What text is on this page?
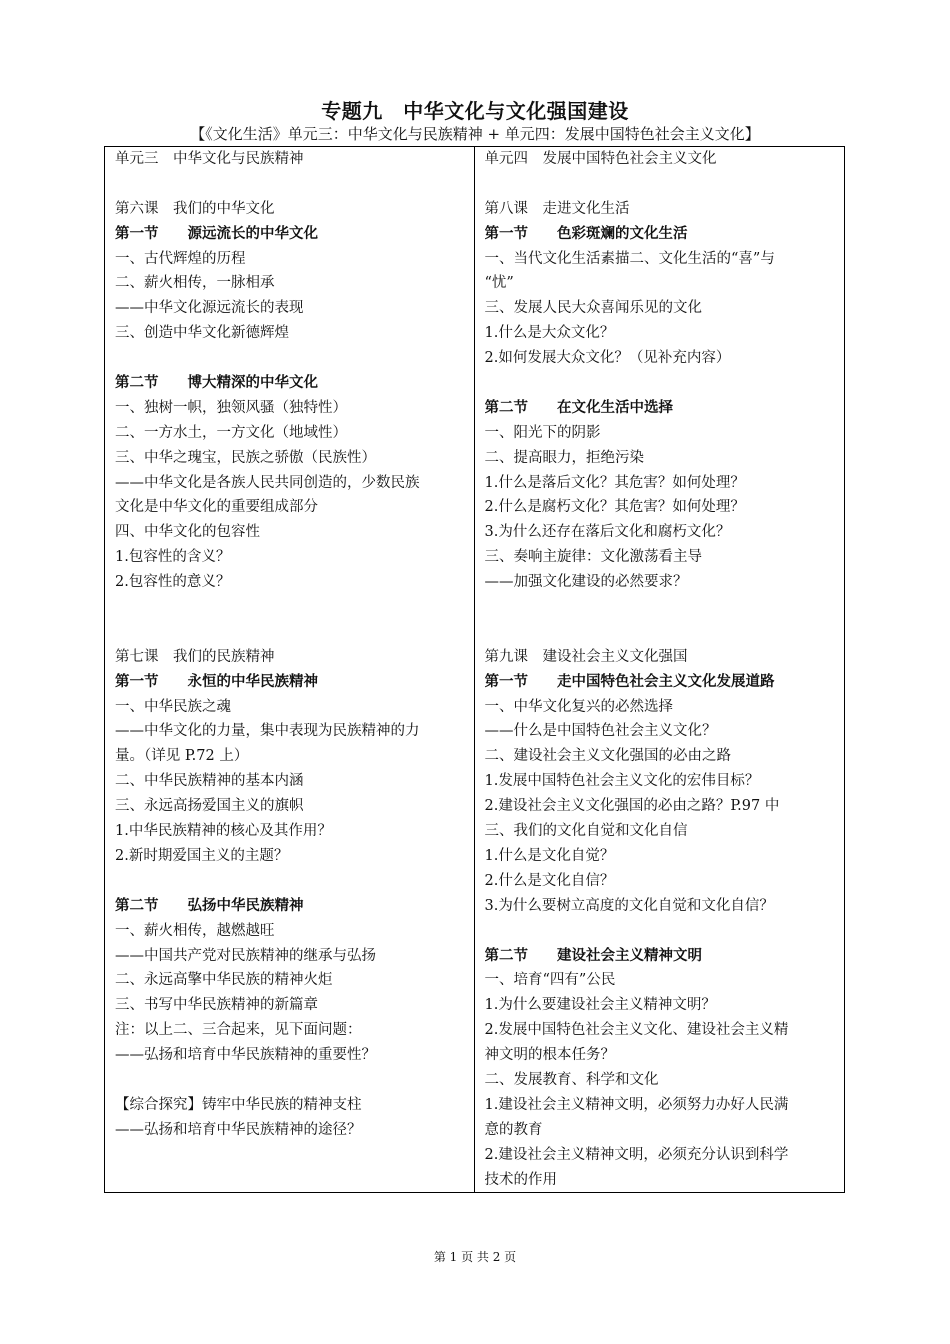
专题九　中华文化与文化强国建设
【《文化生活》单元三：中华文化与民族精神 + 单元四：发展中国特色社会主义文化】
单元三　中华文化与民族精神
第六课　我们的中华文化
第一节　　源远流长的中华文化
一、古代辉煌的历程
二、薪火相传，一脉相承
——中华文化源远流长的表现
三、创造中华文化新德辉煌
第二节　　博大精深的中华文化
一、独树一帜，独领风骚（独特性）
二、一方水土，一方文化（地域性）
三、中华之瑰宝，民族之骄傲（民族性）
——中华文化是各族人民共同创造的，少数民族
文化是中华文化的重要组成部分
四、中华文化的包容性
1.包容性的含义？
2.包容性的意义？
第七课　我们的民族精神
第一节　　永恒的中华民族精神
一、中华民族之魂
——中华文化的力量，集中表现为民族精神的力
量。（详见 P.72 上）
二、中华民族精神的基本内涵
三、永远高扬爱国主义的旗帜
1.中华民族精神的核心及其作用？
2.新时期爱国主义的主题？
第二节　　弘扬中华民族精神
一、薪火相传，越燃越旺
——中国共产党对民族精神的继承与弘扬
二、永远高擎中华民族的精神火炬
三、书写中华民族精神的新篇章
注：以上二、三合起来，见下面问题：
——弘扬和培育中华民族精神的重要性？
【综合探究】铸牢中华民族的精神支柱
——弘扬和培育中华民族精神的途径？
单元四　发展中国特色社会主义文化
第八课　走进文化生活
第一节　　色彩斑斓的文化生活
一、当代文化生活素描二、文化生活的“喜”与
“忧”
三、发展人民大众喜闻乐见的文化
1.什么是大众文化？
2.如何发展大众文化？（见补充内容）
第二节　　在文化生活中选择
一、阳光下的阴影
二、提高眼力，拒绝污染
1.什么是落后文化？其危害？如何处理？
2.什么是腐朽文化？其危害？如何处理？
3.为什么还存在落后文化和腐朽文化？
三、奏响主旋律：文化激荡看主导
——加强文化建设的必然要求？
第九课　建设社会主义文化强国
第一节　　走中国特色社会主义文化发展道路
一、中华文化复兴的必然选择
——什么是中国特色社会主义文化？
二、建设社会主义文化强国的必由之路
1.发展中国特色社会主义文化的宏伟目标？
2.建设社会主义文化强国的必由之路？P.97 中
三、我们的文化自觉和文化自信
1.什么是文化自觉？
2.什么是文化自信？
3.为什么要树立高度的文化自觉和文化自信？
第二节　　建设社会主义精神文明
一、培育“四有”公民
1.为什么要建设社会主义精神文明？
2.发展中国特色社会主义文化、建设社会主义精
神文明的根本任务？
二、发展教育、科学和文化
1.建设社会主义精神文明，必须努力办好人民满
意的教育
2.建设社会主义精神文明，必须充分认识到科学
技术的作用
第 1 页 共 2 页
